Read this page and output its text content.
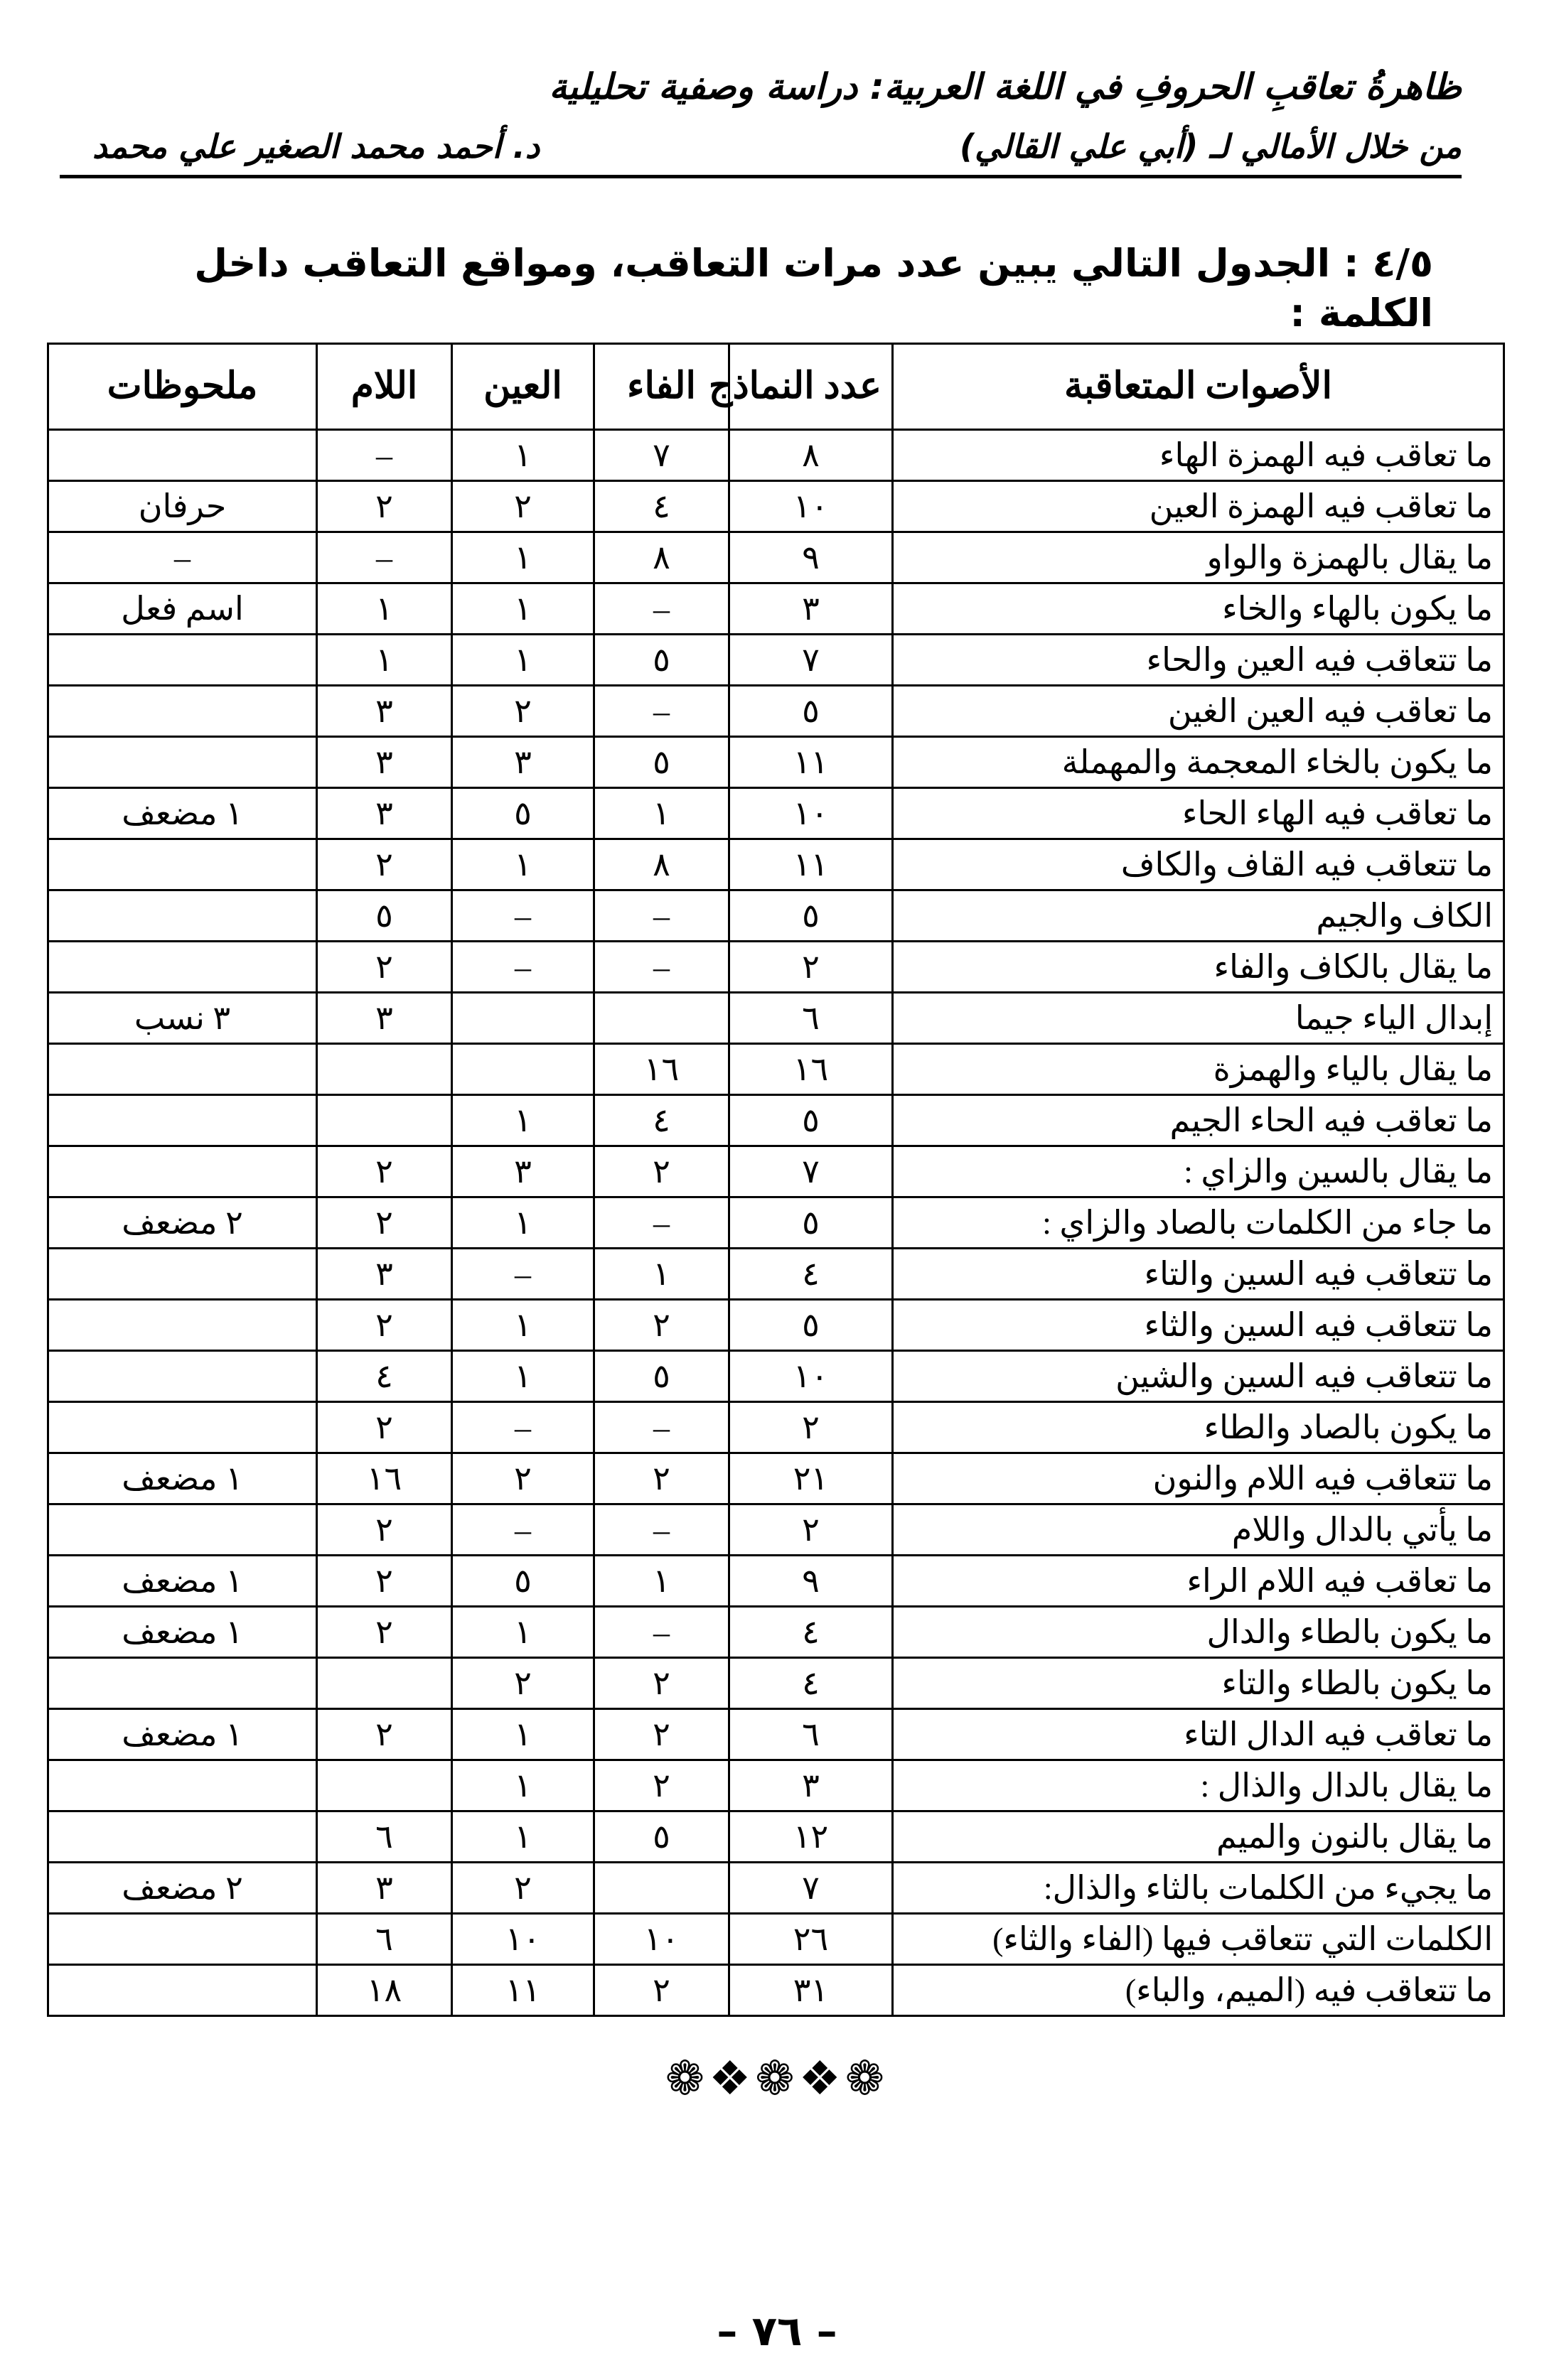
ظاهرةُ تعاقبِ الحروفِ في اللغة العربية: دراسة وصفية تحليلية
من خلال الأمالي لـ (أبي علي القالي)
د. أحمد محمد الصغير علي محمد
٤/٥ : الجدول التالي يبين عدد مرات التعاقب، ومواقع التعاقب داخل الكلمة :
الأصوات المتعاقبة	عدد النماذج	الفاء	العين	اللام	ملحوظات
ما تعاقب فيه الهمزة الهاء	٨	٧	١	–	
ما تعاقب فيه الهمزة العين	١٠	٤	٢	٢	حرفان
ما يقال بالهمزة والواو	٩	٨	١	–	–
ما يكون بالهاء والخاء	٣	–	١	١	اسم فعل
ما تتعاقب فيه العين والحاء	٧	٥	١	١	
ما تعاقب فيه العين الغين	٥	–	٢	٣	
ما يكون بالخاء المعجمة والمهملة	١١	٥	٣	٣	
ما تعاقب فيه الهاء الحاء	١٠	١	٥	٣	١ مضعف
ما تتعاقب فيه القاف والكاف	١١	٨	١	٢	
الكاف والجيم	٥	–	–	٥	
ما يقال بالكاف والفاء	٢	–	–	٢	
إبدال الياء جيما	٦			٣	٣ نسب
ما يقال بالياء والهمزة	١٦	١٦			
ما تعاقب فيه الحاء الجيم	٥	٤	١		
ما يقال بالسين والزاي :	٧	٢	٣	٢	
ما جاء من الكلمات بالصاد والزاي :	٥	–	١	٢	٢ مضعف
ما تتعاقب فيه السين والتاء	٤	١	–	٣	
ما تتعاقب فيه السين والثاء	٥	٢	١	٢	
ما تتعاقب فيه السين والشين	١٠	٥	١	٤	
ما يكون بالصاد والطاء	٢	–	–	٢	
ما تتعاقب فيه اللام والنون	٢١	٢	٢	١٦	١ مضعف
ما يأتي بالدال واللام	٢	–	–	٢	
ما تعاقب فيه اللام الراء	٩	١	٥	٢	١ مضعف
ما يكون بالطاء والدال	٤	–	١	٢	١ مضعف
ما يكون بالطاء والتاء	٤	٢	٢		
ما تعاقب فيه الدال التاء	٦	٢	١	٢	١ مضعف
ما يقال بالدال والذال :	٣	٢	١		
ما يقال بالنون والميم	١٢	٥	١	٦	
ما يجيء من الكلمات بالثاء والذال:	٧		٢	٣	٢ مضعف
الكلمات التي تتعاقب فيها (الفاء والثاء)	٢٦	١٠	١٠	٦	
ما تتعاقب فيه (الميم، والباء)	٣١	٢	١١	١٨	
❁❖❁❖❁
– ٧٦ –
